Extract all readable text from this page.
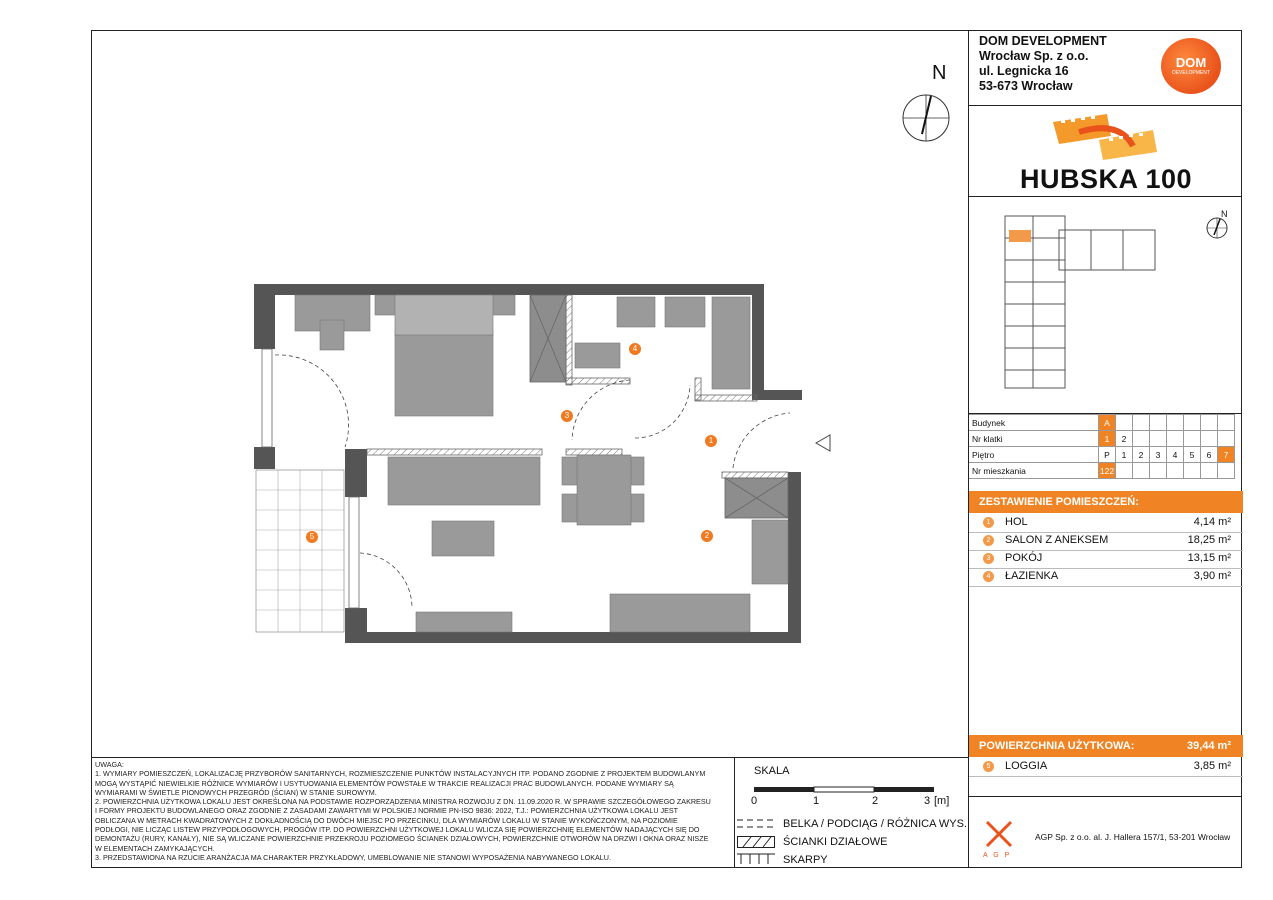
N
1
2
3
4
5
UWAGA:
1. WYMIARY POMIESZCZEŃ, LOKALIZACJĘ PRZYBORÓW SANITARNYCH, ROZMIESZCZENIE PUNKTÓW INSTALACYJNYCH ITP. PODANO ZGODNIE Z PROJEKTEM BUDOWLANYM
MOGĄ WYSTĄPIĆ NIEWIELKIE RÓŻNICE WYMIARÓW I USYTUOWANIA ELEMENTÓW POWSTAŁE W TRAKCIE REALIZACJI PRAC BUDOWLANYCH. PODANE WYMIARY SĄ
WYMIARAMI W ŚWIETLE PIONOWYCH PRZEGRÓD (ŚCIAN) W STANIE SUROWYM.
2. POWIERZCHNIA UŻYTKOWA LOKALU JEST OKREŚLONA NA PODSTAWIE ROZPORZĄDZENIA MINISTRA ROZWOJU Z DN. 11.09.2020 R. W SPRAWIE SZCZEGÓŁOWEGO ZAKRESU
I FORMY PROJEKTU BUDOWLANEGO ORAZ ZGODNIE Z ZASADAMI ZAWARTYMI W POLSKIEJ NORMIE PN-ISO 9836: 2022, T.J.: POWIERZCHNIA UŻYTKOWA LOKALU JEST
OBLICZANA W METRACH KWADRATOWYCH Z DOKŁADNOŚCIĄ DO DWÓCH MIEJSC PO PRZECINKU, DLA WYMIARÓW LOKALU W STANIE WYKOŃCZONYM, NA POZIOMIE
PODŁOGI, NIE LICZĄC LISTEW PRZYPODŁOGOWYCH, PROGÓW ITP. DO POWIERZCHNI UŻYTKOWEJ LOKALU WLICZA SIĘ POWIERZCHNIĘ ELEMENTÓW NADAJĄCYCH SIĘ DO
DEMONTAŻU (RURY, KANAŁY), NIE SĄ WLICZANE POWIERZCHNIE PRZEKROJU POZIOMEGO ŚCIANEK DZIAŁOWYCH, POWIERZCHNIE OTWORÓW NA DRZWI I OKNA ORAZ NISZE
W ELEMENTACH ZAMYKAJĄCYCH.
3. PRZEDSTAWIONA NA RZUCIE ARANŻACJA MA CHARAKTER PRZYKŁADOWY, UMEBLOWANIE NIE STANOWI WYPOSAŻENIA NABYWANEGO LOKALU.
SKALA
0	1	2	3 [m]
BELKA / PODCIĄG / RÓŻNICA WYS.
ŚCIANKI DZIAŁOWE
SKARPY
DOM DEVELOPMENT
Wrocław Sp. z o.o.
ul. Legnicka 16
53-673 Wrocław
DOM
DEVELOPMENT
HUBSKA 100
N
Budynek	A							
Nr klatki	1	2						
Piętro	P	1	2	3	4	5	6	7
Nr mieszkania	122							
ZESTAWIENIE POMIESZCZEŃ:
1	HOL	4,14 m²
2	SALON Z ANEKSEM	18,25 m²
3	POKÓJ	13,15 m²
4	ŁAZIENKA	3,90 m²
POWIERZCHNIA UŻYTKOWA:	39,44 m²
5	LOGGIA	3,85 m²
A G P
AGP Sp. z o.o. al. J. Hallera 157/1, 53-201 Wrocław
